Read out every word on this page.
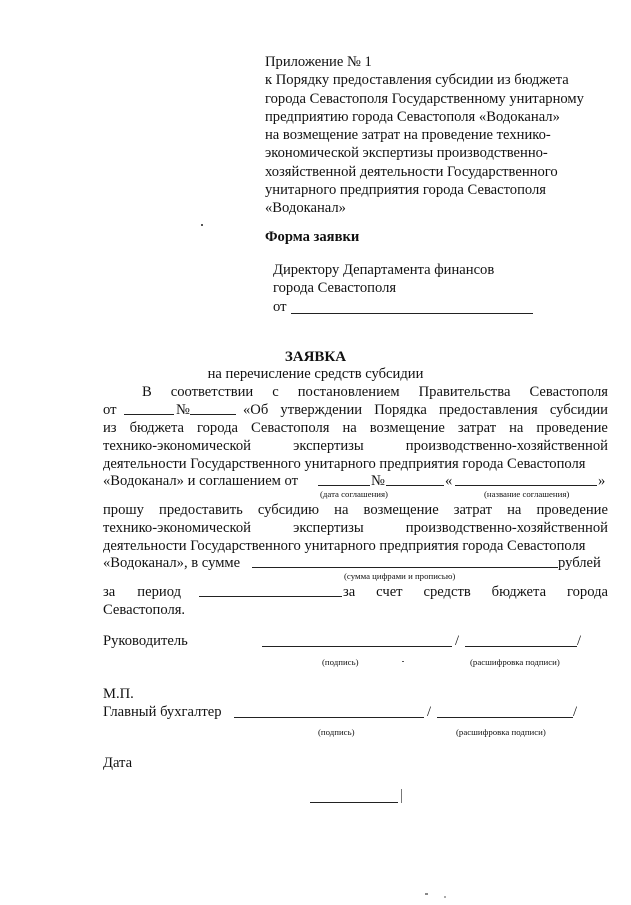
Приложение № 1
к Порядку предоставления субсидии из бюджета
города Севастополя Государственному унитарному
предприятию города Севастополя «Водоканал»
на возмещение затрат на проведение технико-
экономической экспертизы производственно-
хозяйственной деятельности Государственного
унитарного предприятия города Севастополя
«Водоканал»
Форма заявки
Директору Департамента финансов
города Севастополя
от
ЗАЯВКА
на перечисление средств субсидии
В соответствии с постановлением Правительства Севастополя
от	№	«Об утверждении Порядка предоставления субсидии
из бюджета города Севастополя на возмещение затрат на проведение
технико-экономической	экспертизы	производственно-хозяйственной
деятельности Государственного унитарного предприятия города Севастополя
«Водоканал» и соглашением от	№	«	»
(дата соглашения)	(название соглашения)
прошу предоставить субсидию на возмещение затрат на проведение
технико-экономической	экспертизы	производственно-хозяйственной
деятельности Государственного унитарного предприятия города Севастополя
«Водоканал», в сумме	рублей
(сумма цифрами и прописью)
за период	за счет средств бюджета города
Севастополя.
Руководитель	/	/
(подпись)	(расшифровка подписи)
М.П.
Главный бухгалтер	/	/
(подпись)	(расшифровка подписи)
Дата
